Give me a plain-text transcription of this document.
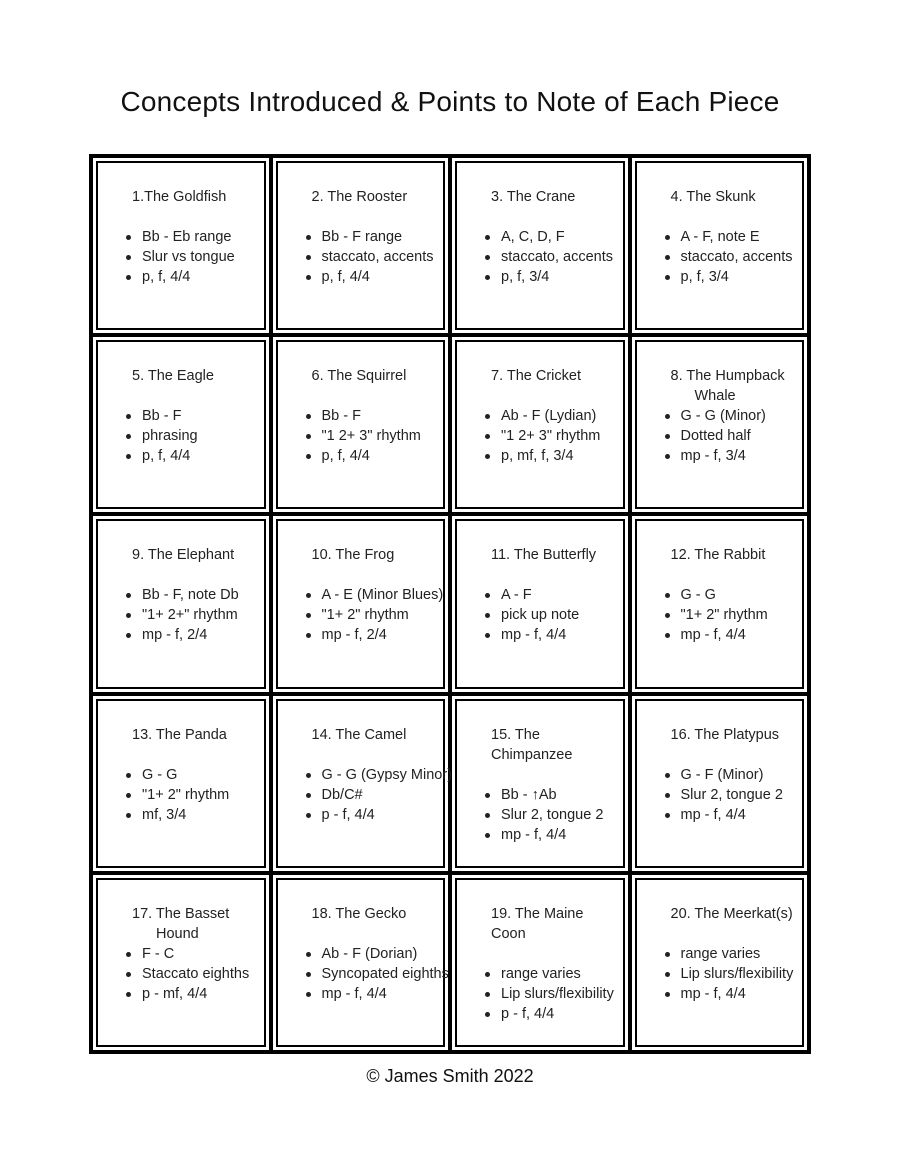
Concepts Introduced & Points to Note of Each Piece
1.The Goldfish
Bb - Eb range
Slur vs tongue
p, f, 4/4
2. The Rooster
Bb - F range
staccato, accents
p, f, 4/4
3. The Crane
A, C, D, F
staccato, accents
p, f, 3/4
4. The Skunk
A - F, note E
staccato, accents
p, f, 3/4
5. The Eagle
Bb - F
phrasing
p, f, 4/4
6. The Squirrel
Bb - F
"1 2+ 3" rhythm
p, f, 4/4
7. The Cricket
Ab - F (Lydian)
"1 2+ 3" rhythm
p, mf, f, 3/4
8. The Humpback
Whale
G - G (Minor)
Dotted half
mp - f, 3/4
9. The Elephant
Bb - F, note Db
"1+ 2+" rhythm
mp - f, 2/4
10. The Frog
A - E (Minor Blues)
"1+ 2" rhythm
mp - f, 2/4
11. The Butterfly
A - F
pick up note
mp - f, 4/4
12. The Rabbit
G - G
"1+ 2" rhythm
mp - f, 4/4
13. The Panda
G - G
"1+ 2" rhythm
mf, 3/4
14. The Camel
G - G (Gypsy Minor)
Db/C#
p - f, 4/4
15. The Chimpanzee
Bb - ↑Ab
Slur 2, tongue 2
mp - f, 4/4
16. The Platypus
G - F (Minor)
Slur 2, tongue 2
mp - f, 4/4
17. The Basset
Hound
F - C
Staccato eighths
p - mf, 4/4
18. The Gecko
Ab - F (Dorian)
Syncopated eighths
mp - f, 4/4
19. The Maine Coon
range varies
Lip slurs/flexibility
p - f, 4/4
20. The Meerkat(s)
range varies
Lip slurs/flexibility
mp - f, 4/4
© James Smith 2022
